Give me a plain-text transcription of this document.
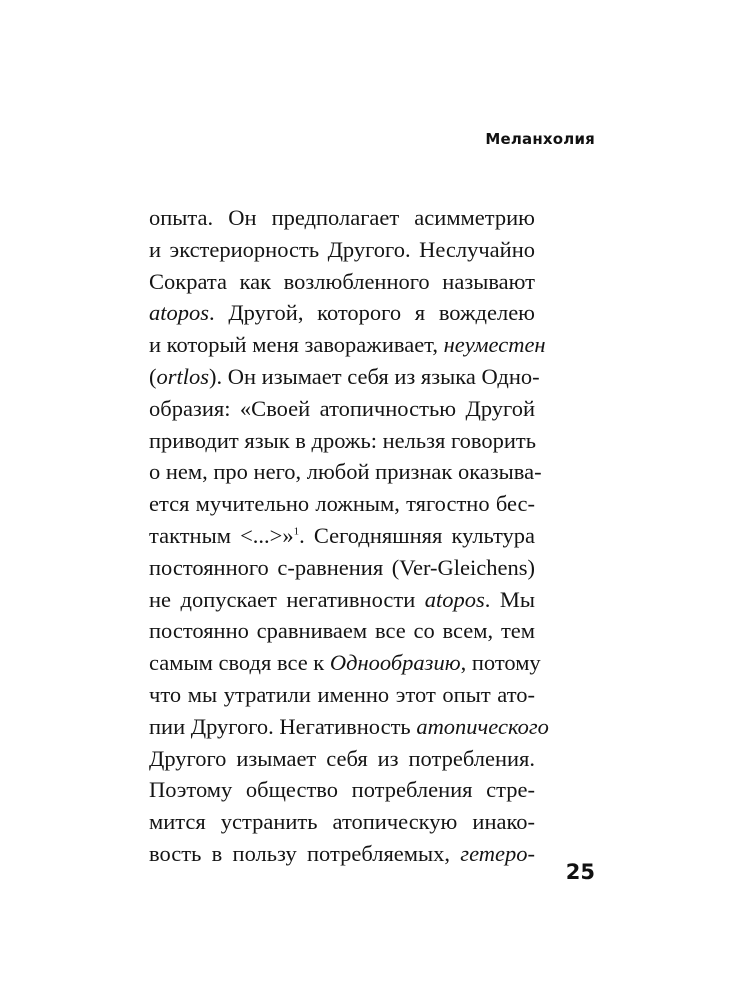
Меланхолия

опыта. Он предполагает асимметрию
и экстериорность Другого. Неслучайно
Сократа как возлюбленного называют
atopos. Другой, которого я вожделею
и который меня завораживает, неуместен
(ortlos). Он изымает себя из языка Одно-
образия: «Своей атопичностью Другой
приводит язык в дрожь: нельзя говорить
о нем, про него, любой признак оказыва-
ется мучительно ложным, тягостно бес-
тактным <...>»$^1$. Сегодняшняя культура
постоянного с-равнения (Ver-Gleichens)
не допускает негативности atopos. Мы
постоянно сравниваем все со всем, тем
самым сводя все к Однообразию, потому
что мы утратили именно этот опыт ато-
пии Другого. Негативность атопического
Другого изымает себя из потребления.
Поэтому общество потребления стре-
мится устранить атопическую инако-
вость в пользу потребляемых, гетеро-

25
